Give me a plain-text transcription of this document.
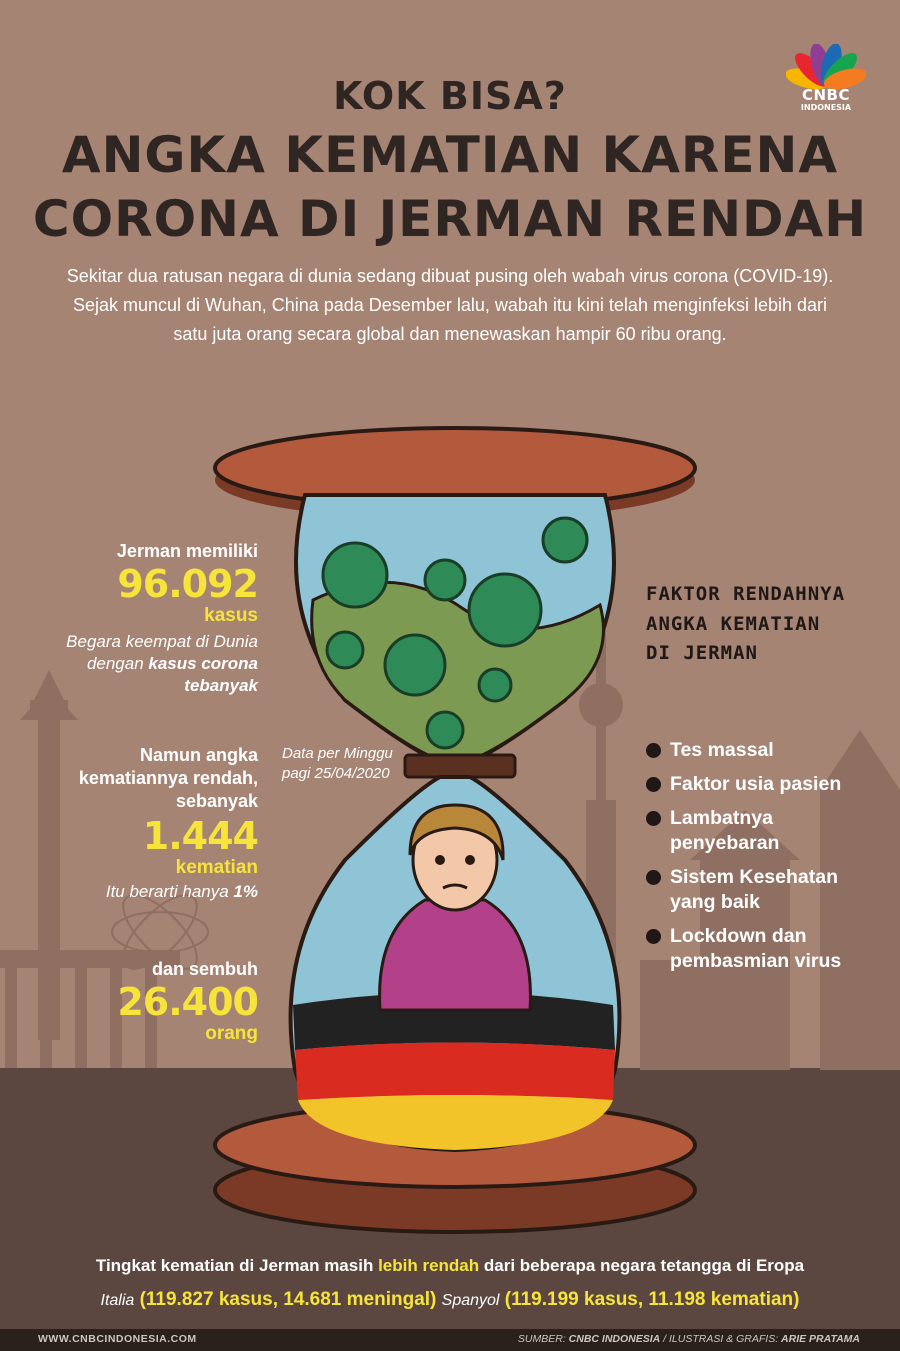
CNBC
INDONESIA
KOK BISA?
ANGKA KEMATIAN KARENA
CORONA DI JERMAN RENDAH
Sekitar dua ratusan negara di dunia sedang dibuat pusing oleh wabah virus corona (COVID-19). Sejak muncul di Wuhan, China pada Desember lalu, wabah itu kini telah menginfeksi lebih dari satu juta orang secara global dan menewaskan hampir 60 ribu orang.
Jerman memiliki
96.092
kasus
Begara keempat di Dunia dengan kasus corona tebanyak
Namun angka kematiannya rendah, sebanyak
1.444
kematian
Itu berarti hanya 1%
dan sembuh
26.400
orang
Data per Minggu pagi 25/04/2020
FAKTOR RENDAHNYA ANGKA KEMATIAN DI JERMAN
Tes massal
Faktor usia pasien
Lambatnya penyebaran
Sistem Kesehatan yang baik
Lockdown dan pembasmian virus
Tingkat kematian di Jerman masih lebih rendah dari beberapa negara tetangga di Eropa
Italia (119.827 kasus, 14.681 meningal) Spanyol (119.199 kasus, 11.198 kematian)
WWW.CNBCINDONESIA.COM	SUMBER: CNBC INDONESIA / ILUSTRASI & GRAFIS: ARIE PRATAMA
